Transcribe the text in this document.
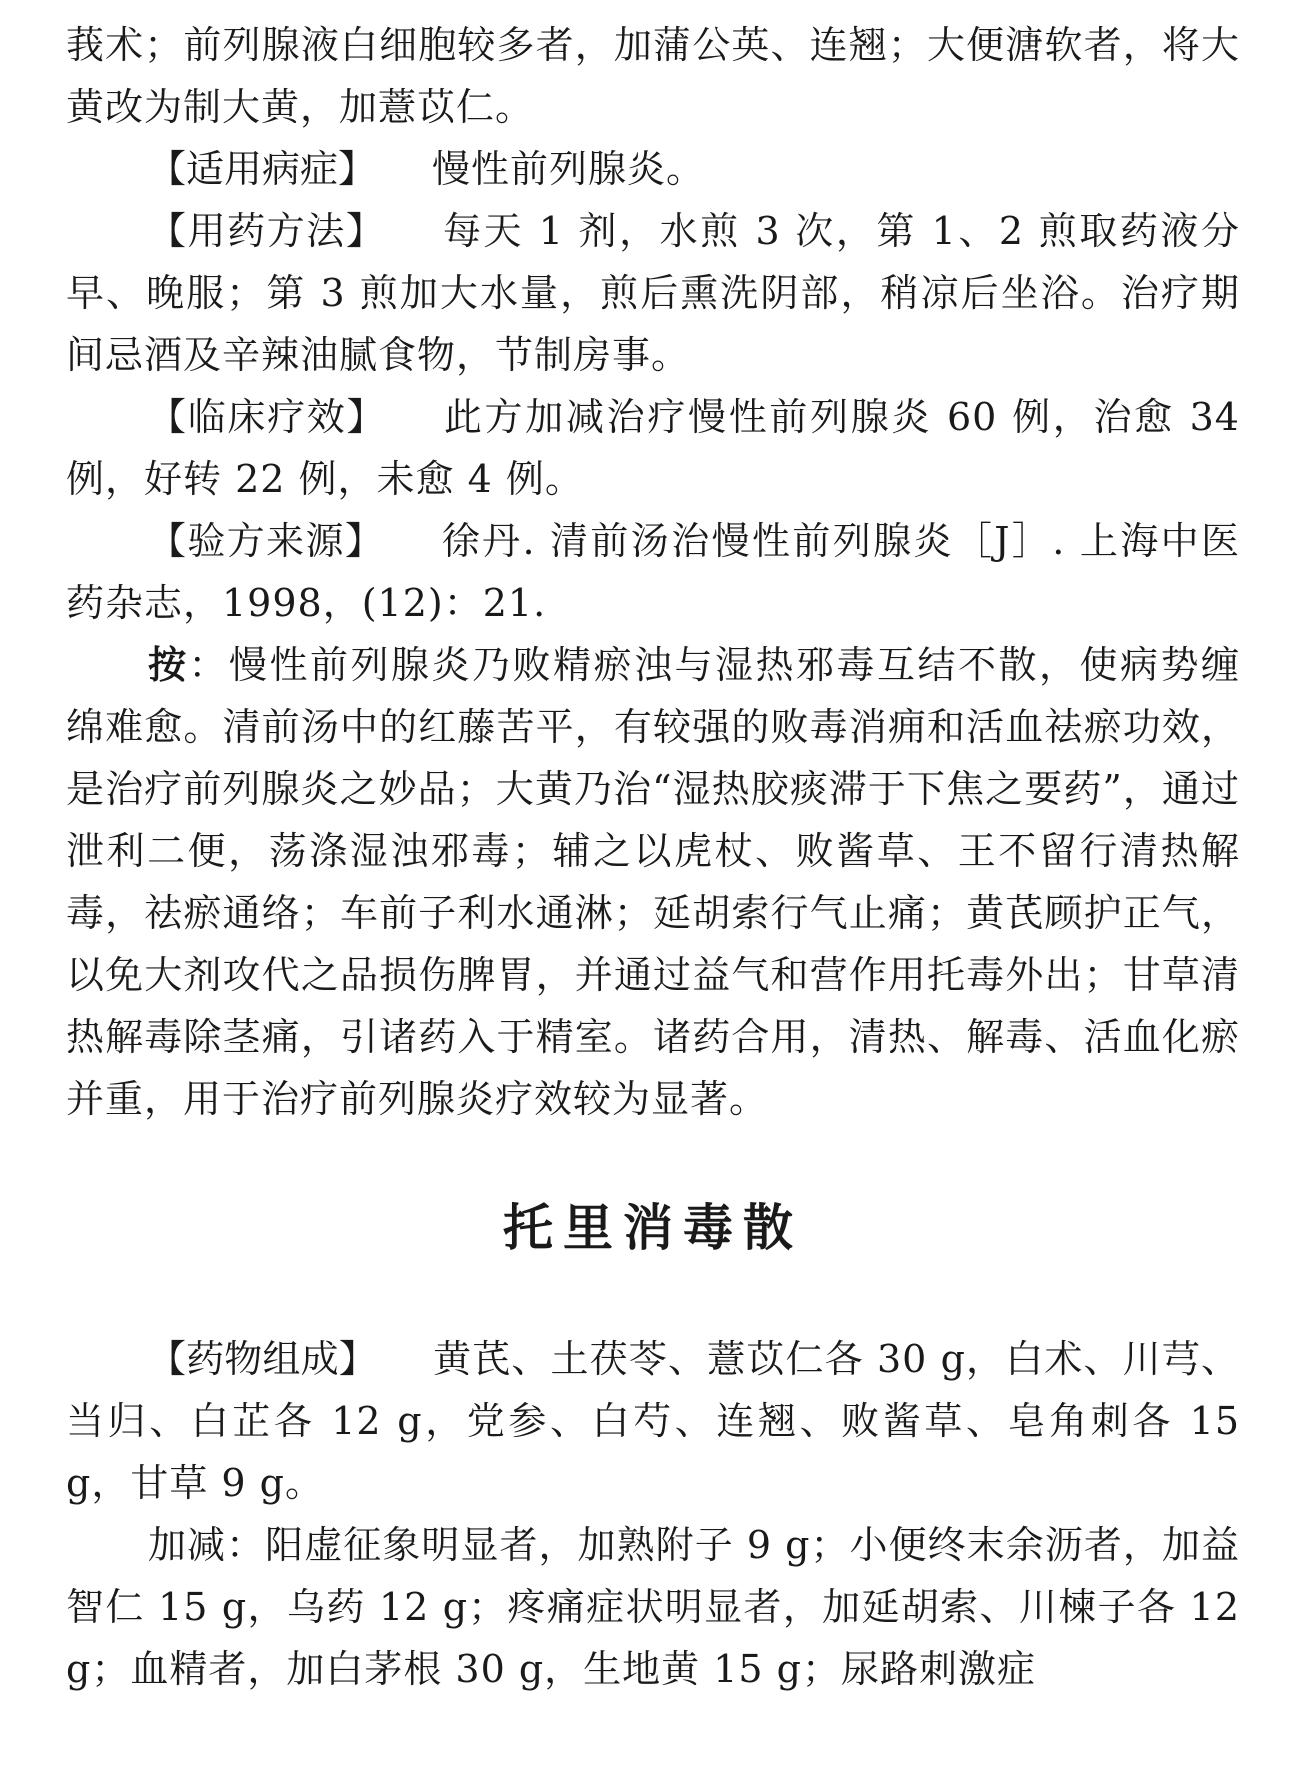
莪术；前列腺液白细胞较多者，加蒲公英、连翘；大便溏软者，将大黄改为制大黄，加薏苡仁。

【适用病症】 慢性前列腺炎。

【用药方法】 每天 1 剂，水煎 3 次，第 1、2 煎取药液分早、晚服；第 3 煎加大水量，煎后熏洗阴部，稍凉后坐浴。治疗期间忌酒及辛辣油腻食物，节制房事。

【临床疗效】 此方加减治疗慢性前列腺炎 60 例，治愈 34 例，好转 22 例，未愈 4 例。

【验方来源】 徐丹. 清前汤治慢性前列腺炎［J］. 上海中医药杂志，1998，(12)：21.

按：慢性前列腺炎乃败精瘀浊与湿热邪毒互结不散，使病势缠绵难愈。清前汤中的红藤苦平，有较强的败毒消痈和活血祛瘀功效，是治疗前列腺炎之妙品；大黄乃治“湿热胶痰滞于下焦之要药”，通过泄利二便，荡涤湿浊邪毒；辅之以虎杖、败酱草、王不留行清热解毒，祛瘀通络；车前子利水通淋；延胡索行气止痛；黄芪顾护正气，以免大剂攻代之品损伤脾胃，并通过益气和营作用托毒外出；甘草清热解毒除茎痛，引诸药入于精室。诸药合用，清热、解毒、活血化瘀并重，用于治疗前列腺炎疗效较为显著。

托里消毒散

【药物组成】 黄芪、土茯苓、薏苡仁各 30 g，白术、川芎、当归、白芷各 12 g，党参、白芍、连翘、败酱草、皂角刺各 15 g，甘草 9 g。

加减：阳虚征象明显者，加熟附子 9 g；小便终末余沥者，加益智仁 15 g，乌药 12 g；疼痛症状明显者，加延胡索、川楝子各 12 g；血精者，加白茅根 30 g，生地黄 15 g；尿路刺激症
